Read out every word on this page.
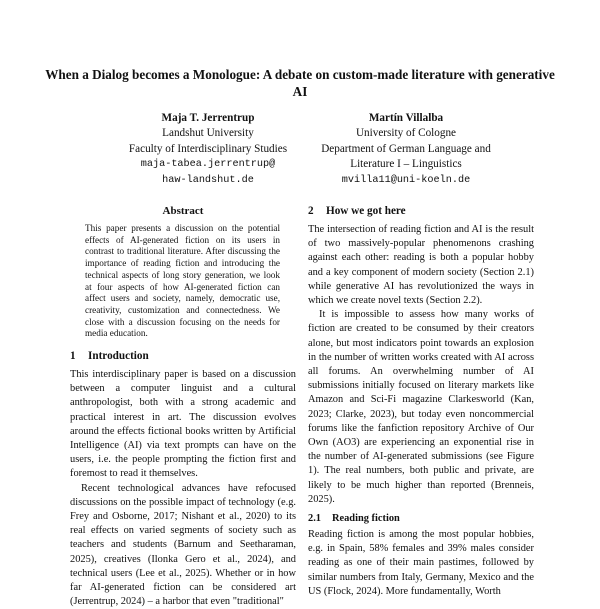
When a Dialog becomes a Monologue: A debate on custom-made literature with generative AI
Maja T. Jerrentrup
Landshut University
Faculty of Interdisciplinary Studies
maja-tabea.jerrentrup@
haw-landshut.de
Martín Villalba
University of Cologne
Department of German Language and
Literature I – Linguistics
mvilla11@uni-koeln.de
Abstract

This paper presents a discussion on the potential effects of AI-generated fiction on its users in contrast to traditional literature. After discussing the importance of reading fiction and introducing the technical aspects of long story generation, we look at four aspects of how AI-generated fiction can affect users and society, namely, democratic use, creativity, customization and connectedness. We close with a discussion focusing on the needs for media education.

1 Introduction

This interdisciplinary paper is based on a discussion between a computer linguist and a cultural anthropologist, both with a strong academic and practical interest in art. The discussion evolves around the effects fictional books written by Artificial Intelligence (AI) via text prompts can have on the users, i.e. the people prompting the fiction first and foremost to read it themselves.

Recent technological advances have refocused discussions on the possible impact of technology (e.g. Frey and Osborne, 2017; Nishant et al., 2020) to its real effects on varied segments of society such as teachers and students (Barnum and Seetharaman, 2025), creatives (Ilonka Gero et al., 2024), and technical users (Lee et al., 2025). Whether or in how far AI-generated fiction can be considered art (Jerrentrup, 2024) – a harbor that even "traditional"

2 How we got here

The intersection of reading fiction and AI is the result of two massively-popular phenomenons crashing against each other: reading is both a popular hobby and a key component of modern society (Section 2.1) while generative AI has revolutionized the ways in which we create novel texts (Section 2.2).

It is impossible to assess how many works of fiction are created to be consumed by their creators alone, but most indicators point towards an explosion in the number of written works created with AI across all forums. An overwhelming number of AI submissions initially focused on literary markets like Amazon and Sci-Fi magazine Clarkesworld (Kan, 2023; Clarke, 2023), but today even noncommercial forums like the fanfiction repository Archive of Our Own (AO3) are experiencing an exponential rise in the number of AI-generated submissions (see Figure 1). The real numbers, both public and private, are likely to be much higher than reported (Brenneis, 2025).

2.1 Reading fiction

Reading fiction is among the most popular hobbies, e.g. in Spain, 58% females and 39% males consider reading as one of their main pastimes, followed by similar numbers from Italy, Germany, Mexico and the US (Flock, 2024). More fundamentally, Worth
